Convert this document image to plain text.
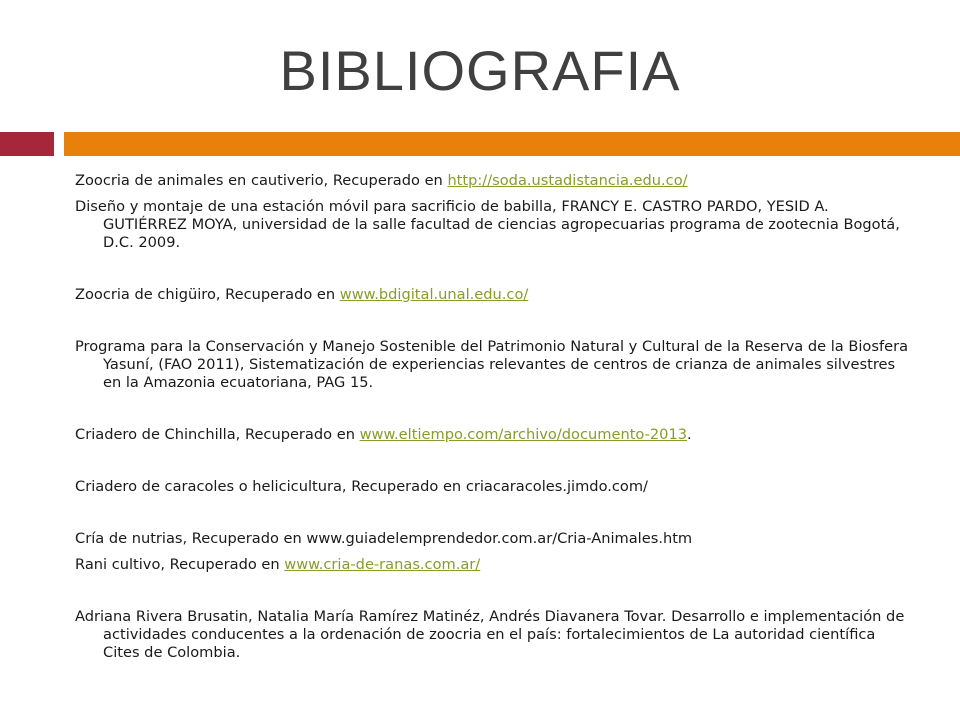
BIBLIOGRAFIA

Zoocria de animales en cautiverio, Recuperado en http://soda.ustadistancia.edu.co/

Diseño y montaje de una estación móvil para sacrificio de babilla, FRANCY E. CASTRO PARDO, YESID A. GUTIÉRREZ MOYA, universidad de la salle facultad de ciencias agropecuarias programa de zootecnia Bogotá, D.C. 2009.

Zoocria de chigüiro, Recuperado en www.bdigital.unal.edu.co/

Programa para la Conservación y Manejo Sostenible del Patrimonio Natural y Cultural de la Reserva de la Biosfera Yasuní, (FAO 2011), Sistematización de experiencias relevantes de centros de crianza de animales silvestres en la Amazonia ecuatoriana, PAG 15.

Criadero de Chinchilla, Recuperado en www.eltiempo.com/archivo/documento-2013.

Criadero de caracoles o helicicultura, Recuperado en criacaracoles.jimdo.com/

Cría de nutrias, Recuperado en www.guiadelemprendedor.com.ar/Cria-Animales.htm

Rani cultivo, Recuperado en www.cria-de-ranas.com.ar/

Adriana Rivera Brusatin, Natalia María Ramírez Matinéz, Andrés Diavanera Tovar. Desarrollo e implementación de actividades conducentes a la ordenación de zoocria en el país: fortalecimientos de La autoridad científica Cites de Colombia.
